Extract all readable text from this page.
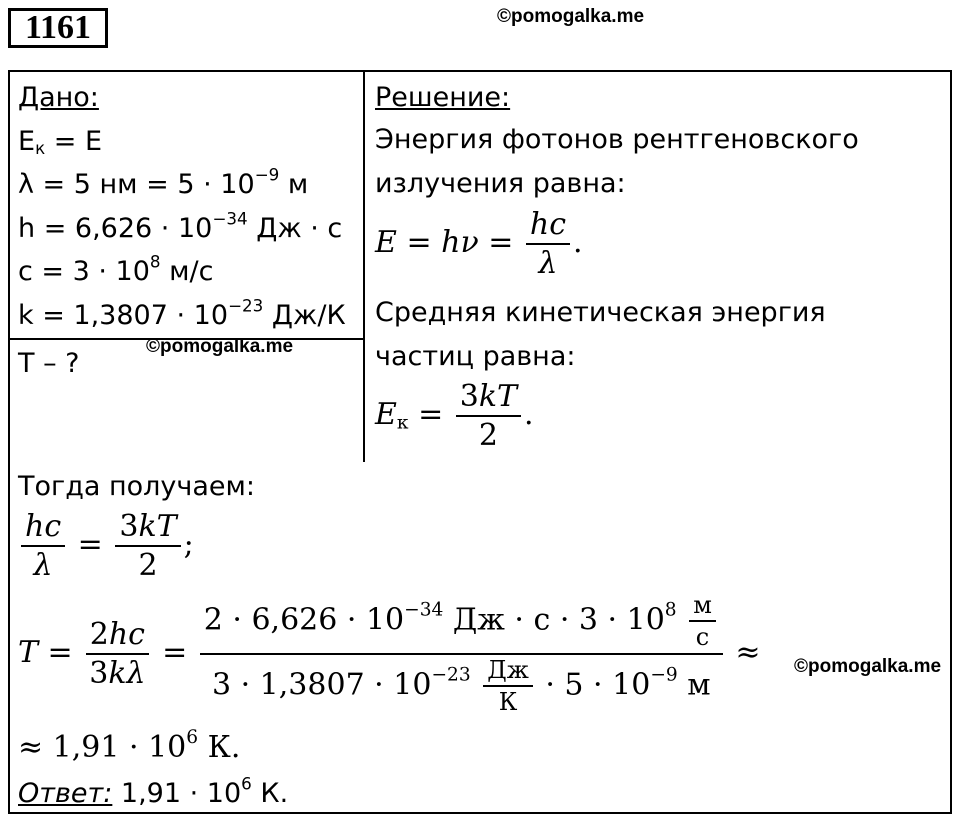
1161	©pomogalka.me
Дано:
$E_к = E$
λ = 5 нм = $5 \cdot 10^{-9}$ м
$h = 6,626 \cdot 10^{-34}$ Дж · с
$с = 3 \cdot 10^8$ м/с
$k = 1,3807 \cdot 10^{-23}$ Дж/К
©pomogalka.me
T – ?
Решение:
Энергия фотонов рентгеновского
излучения равна:
$E = h\nu = \frac{hc}{\lambda}$ .
Средняя кинетическая энергия
частиц равна:
$E_к = \frac{3kT}{2}$ .
Тогда получаем:
$\frac{hc}{\lambda} = \frac{3kT}{2}$ ;
$T = \frac{2hc}{3k\lambda} = \frac{2 \cdot 6,626 \cdot 10^{-34} Дж \cdot с \cdot 3 \cdot 10^8 \frac{м}{с}}{3 \cdot 1,3807 \cdot 10^{-23} \frac{Дж}{К} \cdot 5 \cdot 10^{-9} м}$ ≈ ©pomogalka.me
≈ $1,91 \cdot 10^6$ К.
Ответ: $1,91 \cdot 10^6$ К.
